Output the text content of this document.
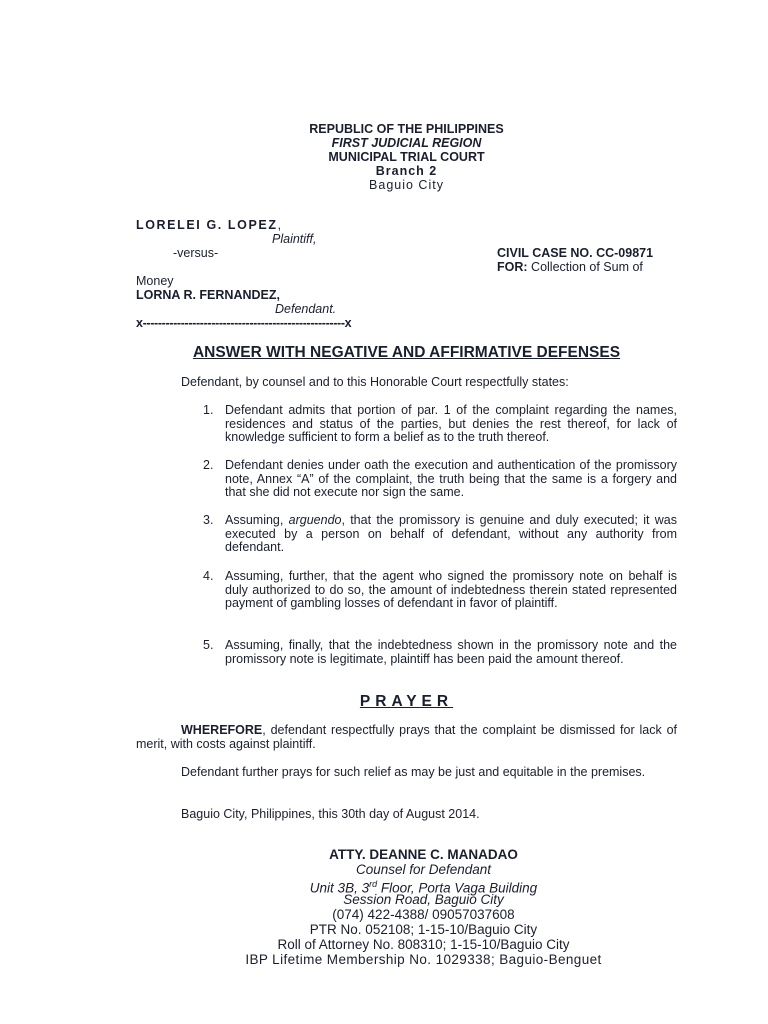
REPUBLIC OF THE PHILIPPINES
FIRST JUDICIAL REGION
MUNICIPAL TRIAL COURT
Branch 2
Baguio City
LORELEI G. LOPEZ,
Plaintiff,
-versus-	CIVIL CASE NO. CC-09871
FOR: Collection of Sum of
Money
LORNA R. FERNANDEZ,
Defendant.
x-----------------------------------------------------x
ANSWER WITH NEGATIVE AND AFFIRMATIVE DEFENSES
Defendant, by counsel and to this Honorable Court respectfully states:
1. Defendant admits that portion of par. 1 of the complaint regarding the names, residences and status of the parties, but denies the rest thereof, for lack of knowledge sufficient to form a belief as to the truth thereof.
2. Defendant denies under oath the execution and authentication of the promissory note, Annex “A” of the complaint, the truth being that the same is a forgery and that she did not execute nor sign the same.
3. Assuming, arguendo, that the promissory is genuine and duly executed; it was executed by a person on behalf of defendant, without any authority from defendant.
4. Assuming, further, that the agent who signed the promissory note on behalf is duly authorized to do so, the amount of indebtedness therein stated represented payment of gambling losses of defendant in favor of plaintiff.
5. Assuming, finally, that the indebtedness shown in the promissory note and the promissory note is legitimate, plaintiff has been paid the amount thereof.
PRAYER
WHEREFORE, defendant respectfully prays that the complaint be dismissed for lack of merit, with costs against plaintiff.
Defendant further prays for such relief as may be just and equitable in the premises.
Baguio City, Philippines, this 30th day of August 2014.
ATTY. DEANNE C. MANADAO
Counsel for Defendant
Unit 3B, 3rd Floor, Porta Vaga Building
Session Road, Baguio City
(074) 422-4388/ 09057037608
PTR No. 052108; 1-15-10/Baguio City
Roll of Attorney No. 808310; 1-15-10/Baguio City
IBP Lifetime Membership No. 1029338; Baguio-Benguet
